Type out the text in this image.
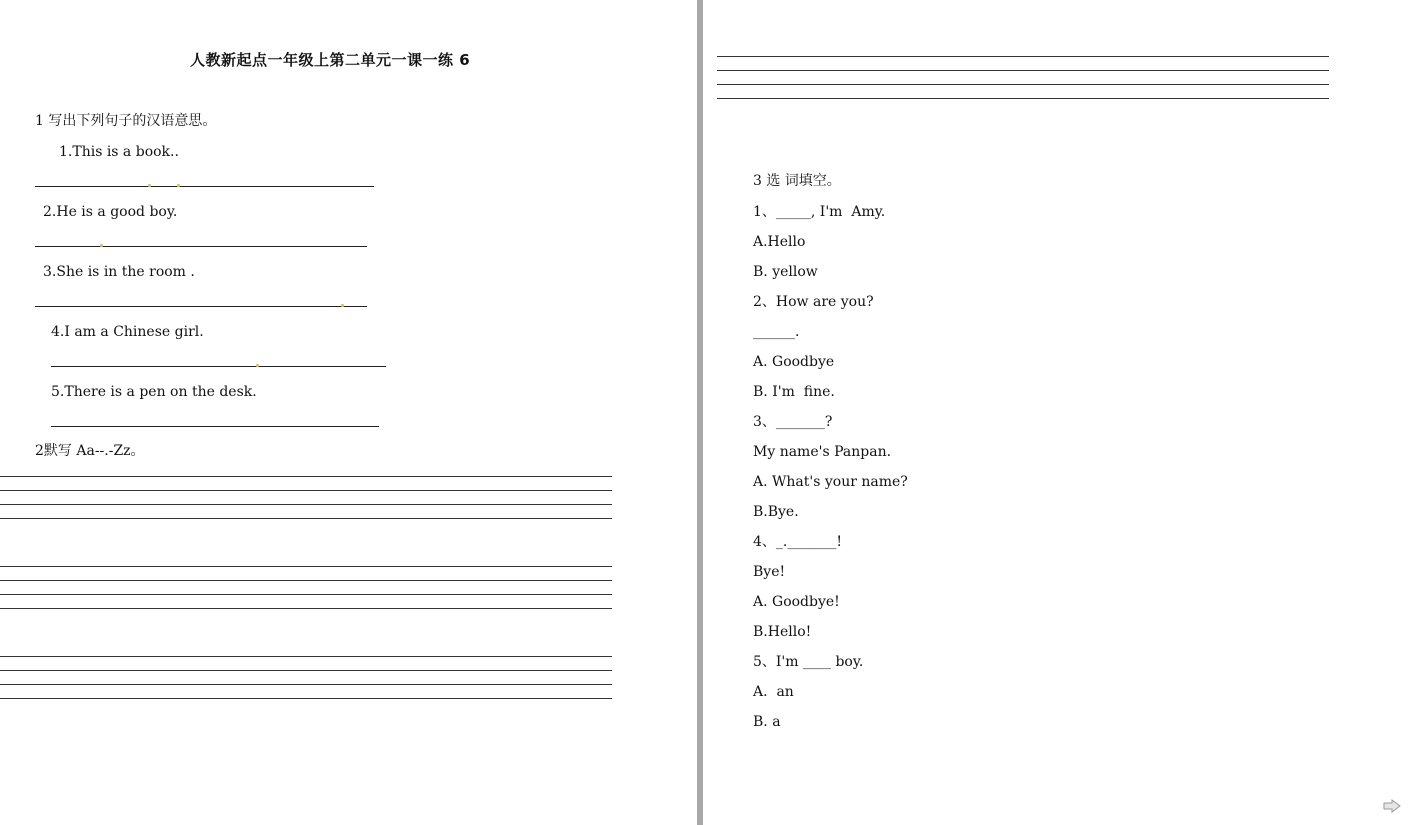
人教新起点一年级上第二单元一课一练 6
1 写出下列句子的汉语意思。
1.This is a book..
2.He is a good boy.
3.She is in the room .
4.I am a Chinese girl.
5.There is a pen on the desk.
2默写 Aa--.-Zz。
3 选 词填空。
1、_____, I'm  Amy.
A.Hello
B. yellow
2、How are you?
______.
A. Goodbye
B. I'm  fine.
3、_______?
My name's Panpan.
A. What's your name?
B.Bye.
4、_._______!
Bye!
A. Goodbye!
B.Hello!
5、I'm ____ boy.
A.  an
B. a
